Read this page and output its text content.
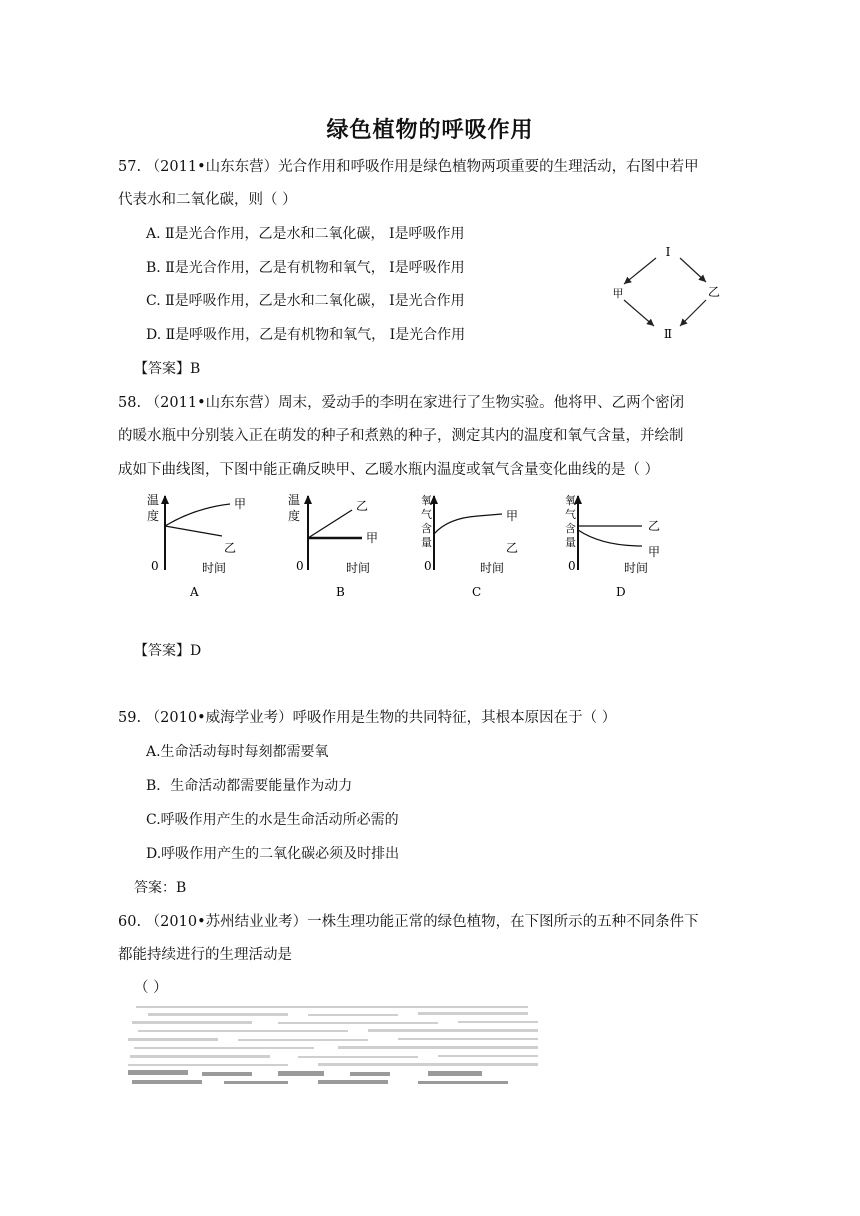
绿色植物的呼吸作用
57. （2011•山东东营）光合作用和呼吸作用是绿色植物两项重要的生理活动，右图中若甲
代表水和二氧化碳，则（ ）
A. Ⅱ是光合作用，乙是水和二氧化碳， Ⅰ是呼吸作用
B. Ⅱ是光合作用，乙是有机物和氧气， Ⅰ是呼吸作用
C. Ⅱ是呼吸作用，乙是水和二氧化碳， Ⅰ是光合作用
D. Ⅱ是呼吸作用，乙是有机物和氧气， Ⅰ是光合作用
Ⅰ
甲	乙
Ⅱ
【答案】B
58. （2011•山东东营）周末，爱动手的李明在家进行了生物实验。他将甲、乙两个密闭
的暖水瓶中分别装入正在萌发的种子和煮熟的种子，测定其内的温度和氧气含量，并绘制
成如下曲线图，下图中能正确反映甲、乙暖水瓶内温度或氧气含量变化曲线的是（ ）
温
度
甲
乙
0	时间
A
温
度
乙
甲
0	时间
B
氧
气
含
量
甲
乙
0	时间
C
氧
气
含
量
乙
甲
0	时间
D
【答案】D
59. （2010•威海学业考）呼吸作用是生物的共同特征，其根本原因在于（ ）
A.生命活动每时每刻都需要氧
B．生命活动都需要能量作为动力
C.呼吸作用产生的水是生命活动所必需的
D.呼吸作用产生的二氧化碳必须及时排出
答案：B
60. （2010•苏州结业业考）一株生理功能正常的绿色植物，在下图所示的五种不同条件下
都能持续进行的生理活动是
（ ）
